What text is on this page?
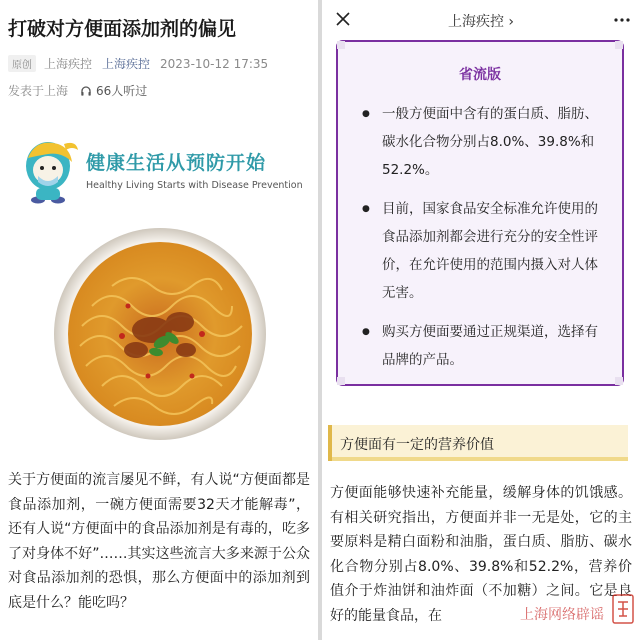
打破对方便面添加剂的偏见
原创	上海疾控 上海疾控 2023-10-12 17:35
发表于上海 66人听过
健康生活从预防开始
Healthy Living Starts with Disease Prevention

关于方便面的流言屡见不鲜，有人说“方便面都是食品添加剂，一碗方便面需要32天才能解毒”，还有人说“方便面中的食品添加剂是有毒的，吃多了对身体不好”……其实这些流言大多来源于公众对食品添加剂的恐惧，那么方便面中的添加剂到底是什么？能吃吗？

上海疾控 ›
省流版
● 一般方便面中含有的蛋白质、脂肪、碳水化合物分别占8.0%、39.8%和52.2%。
● 目前，国家食品安全标准允许使用的食品添加剂都会进行充分的安全性评价，在允许使用的范围内摄入对人体无害。
● 购买方便面要通过正规渠道，选择有品牌的产品。
方便面有一定的营养价值

方便面能够快速补充能量，缓解身体的饥饿感。有相关研究指出，方便面并非一无是处，它的主要原料是精白面粉和油脂，蛋白质、脂肪、碳水化合物分别占8.0%、39.8%和52.2%，营养价值介于炸油饼和油炸面（不加糖）之间。它是良好的能量食品，在	上海网络辟谣
